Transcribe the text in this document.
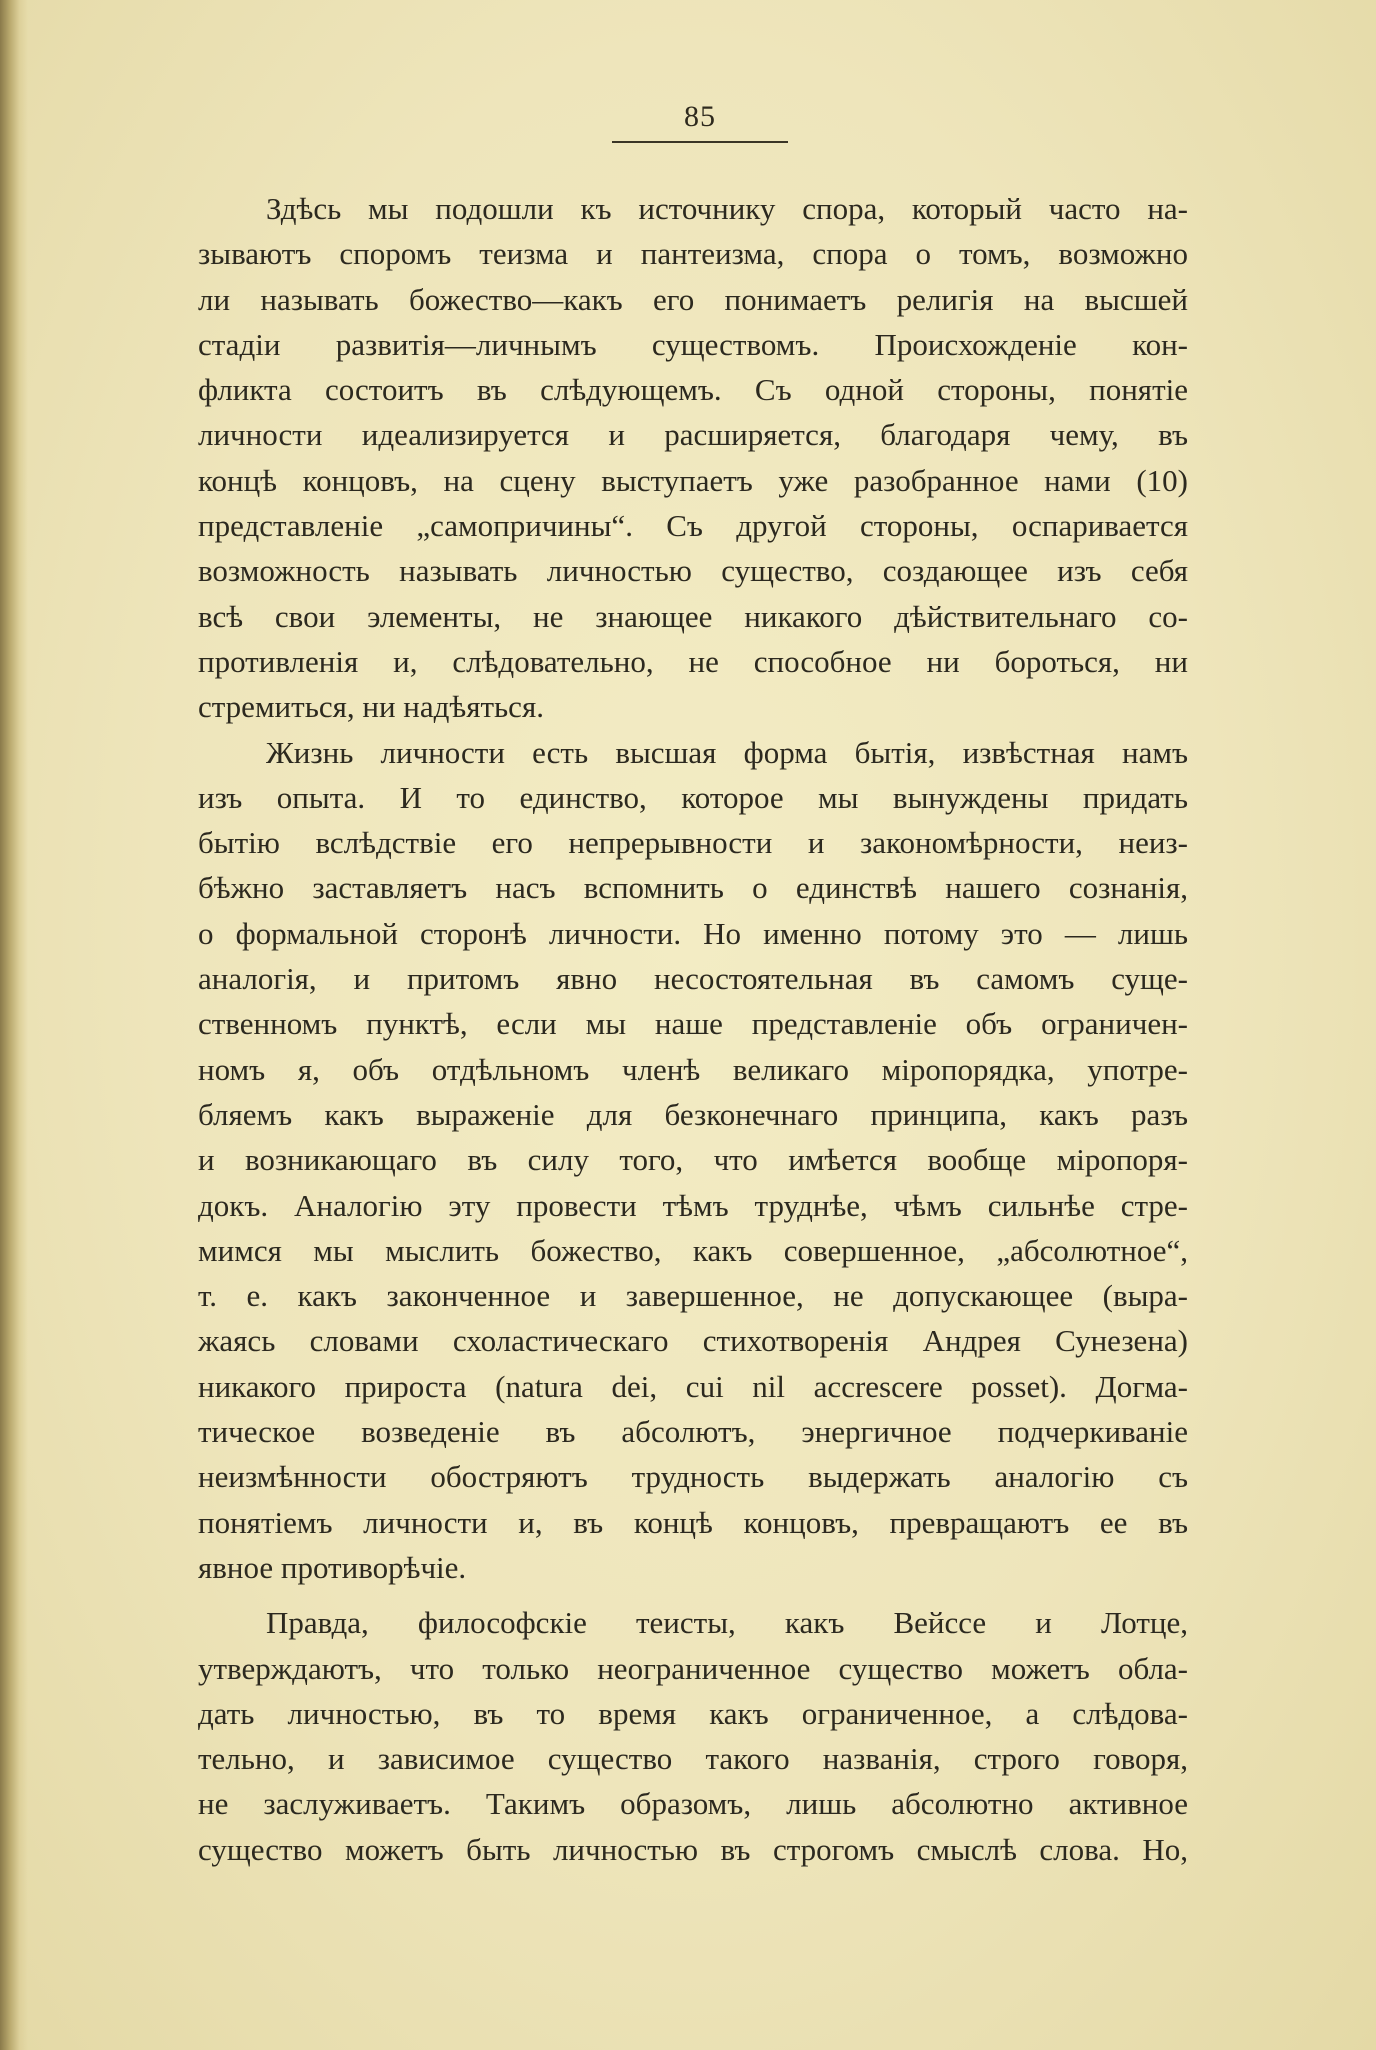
85
Здѣсь мы подошли къ источнику спора, который часто на-
зываютъ споромъ теизма и пантеизма, спора о томъ, возможно
ли называть божество—какъ его понимаетъ религія на высшей
стадіи развитія—личнымъ существомъ. Происхожденіе кон-
фликта состоитъ въ слѣдующемъ. Съ одной стороны, понятіе
личности идеализируется и расширяется, благодаря чему, въ
концѣ концовъ, на сцену выступаетъ уже разобранное нами (10)
представленіе „самопричины“. Съ другой стороны, оспаривается
возможность называть личностью существо, создающее изъ себя
всѣ свои элементы, не знающее никакого дѣйствительнаго со-
противленія и, слѣдовательно, не способное ни бороться, ни
стремиться, ни надѣяться.
Жизнь личности есть высшая форма бытія, извѣстная намъ
изъ опыта. И то единство, которое мы вынуждены придать
бытію вслѣдствіе его непрерывности и закономѣрности, неиз-
бѣжно заставляетъ насъ вспомнить о единствѣ нашего сознанія,
о формальной сторонѣ личности. Но именно потому это — лишь
аналогія, и притомъ явно несостоятельная въ самомъ суще-
ственномъ пунктѣ, если мы наше представленіе объ ограничен-
номъ я, объ отдѣльномъ членѣ великаго міропорядка, употре-
бляемъ какъ выраженіе для безконечнаго принципа, какъ разъ
и возникающаго въ силу того, что имѣется вообще міропоря-
докъ. Аналогію эту провести тѣмъ труднѣе, чѣмъ сильнѣе стре-
мимся мы мыслить божество, какъ совершенное, „абсолютное“,
т. е. какъ законченное и завершенное, не допускающее (выра-
жаясь словами схоластическаго стихотворенія Андрея Сунезена)
никакого прироста (natura dei, cui nil accrescere posset). Догма-
тическое возведеніе въ абсолютъ, энергичное подчеркиваніе
неизмѣнности обостряютъ трудность выдержать аналогію съ
понятіемъ личности и, въ концѣ концовъ, превращаютъ ее въ
явное противорѣчіе.
Правда, философскіе теисты, какъ Вейссе и Лотце,
утверждаютъ, что только неограниченное существо можетъ обла-
дать личностью, въ то время какъ ограниченное, а слѣдова-
тельно, и зависимое существо такого названія, строго говоря,
не заслуживаетъ. Такимъ образомъ, лишь абсолютно активное
существо можетъ быть личностью въ строгомъ смыслѣ слова. Но,
